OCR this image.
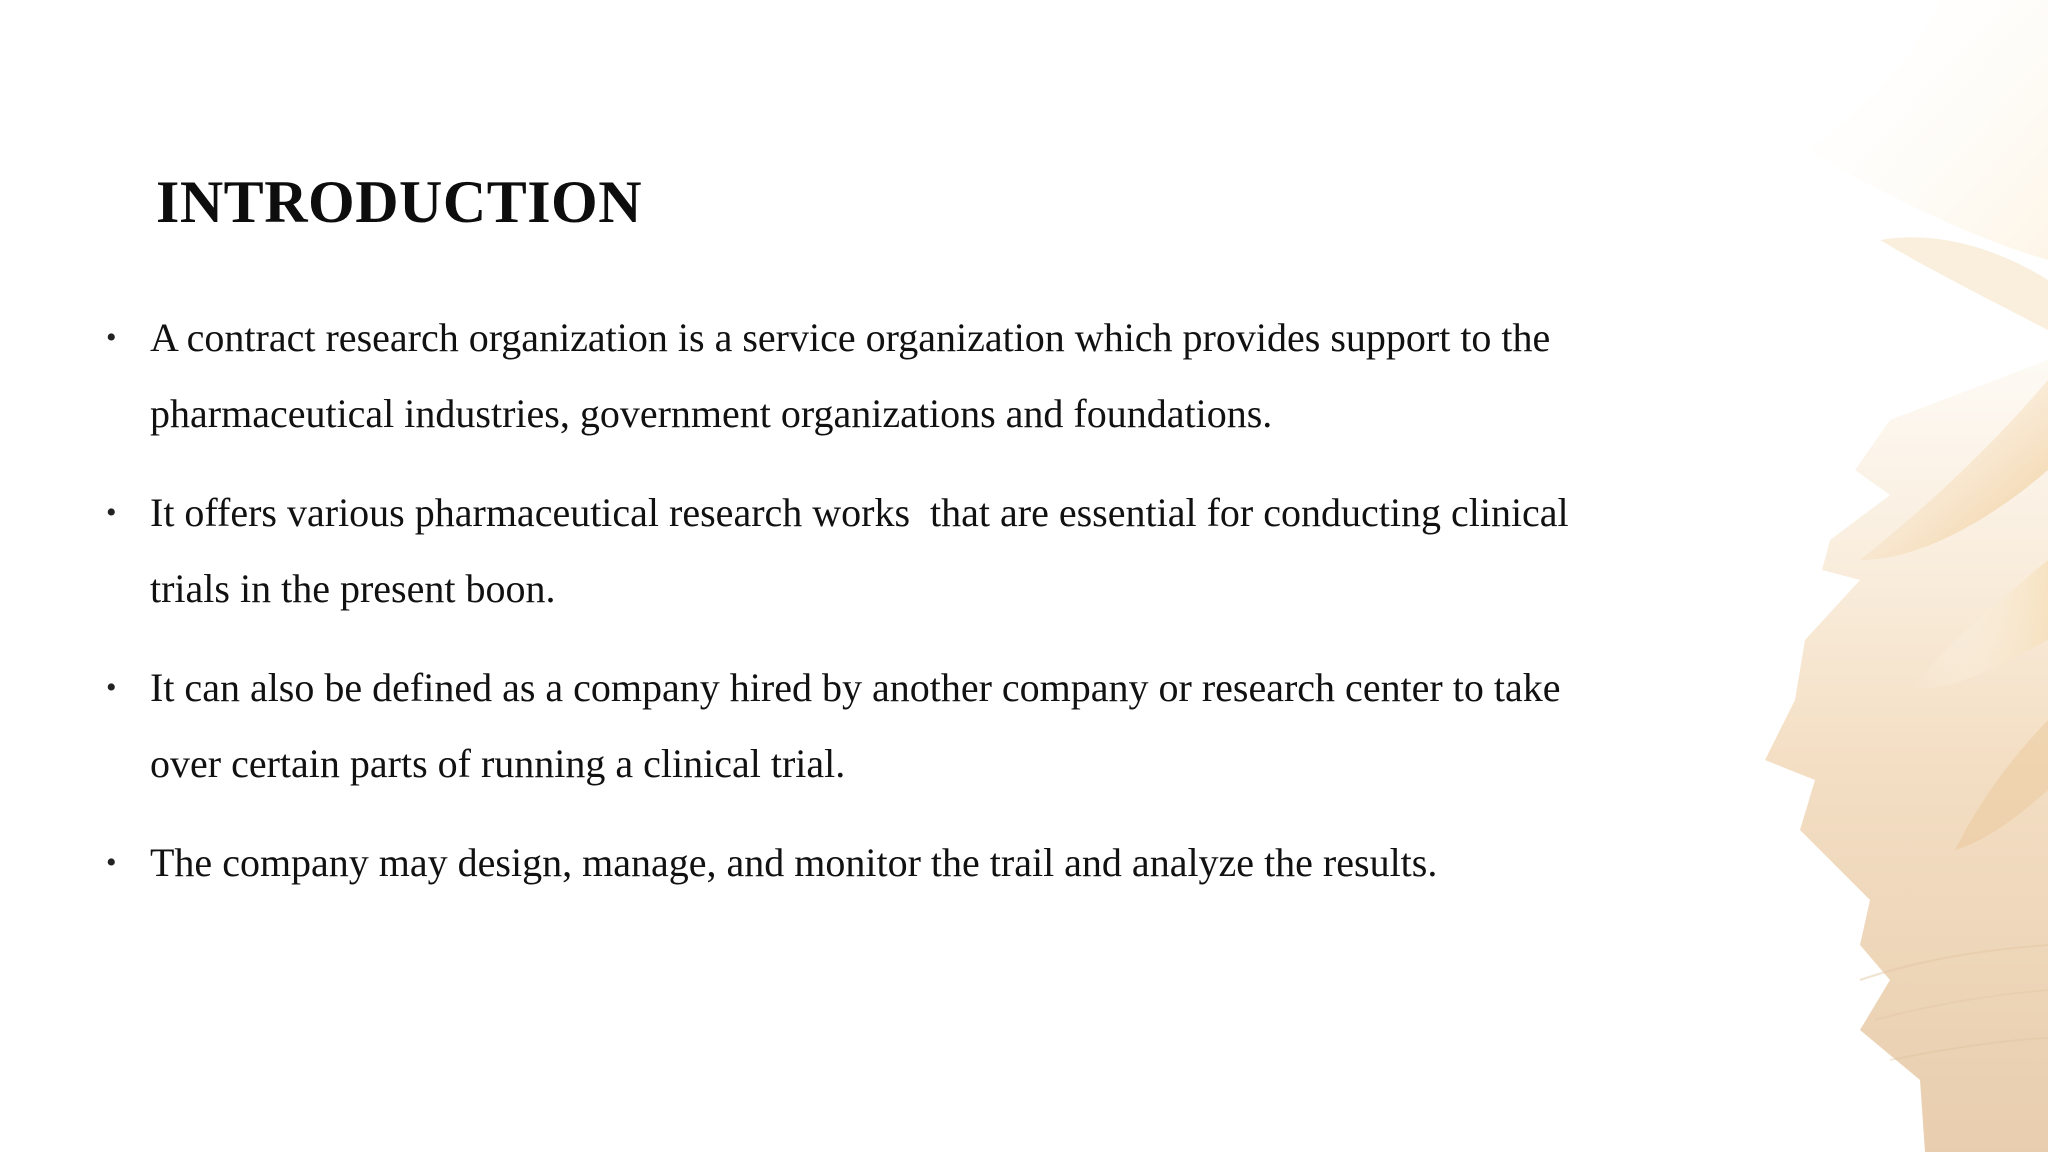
INTRODUCTION
• A contract research organization is a service organization which provides support to the pharmaceutical industries, government organizations and foundations.
• It offers various pharmaceutical research works  that are essential for conducting clinical trials in the present boon.
• It can also be defined as a company hired by another company or research center to take over certain parts of running a clinical trial.
• The company may design, manage, and monitor the trail and analyze the results.
